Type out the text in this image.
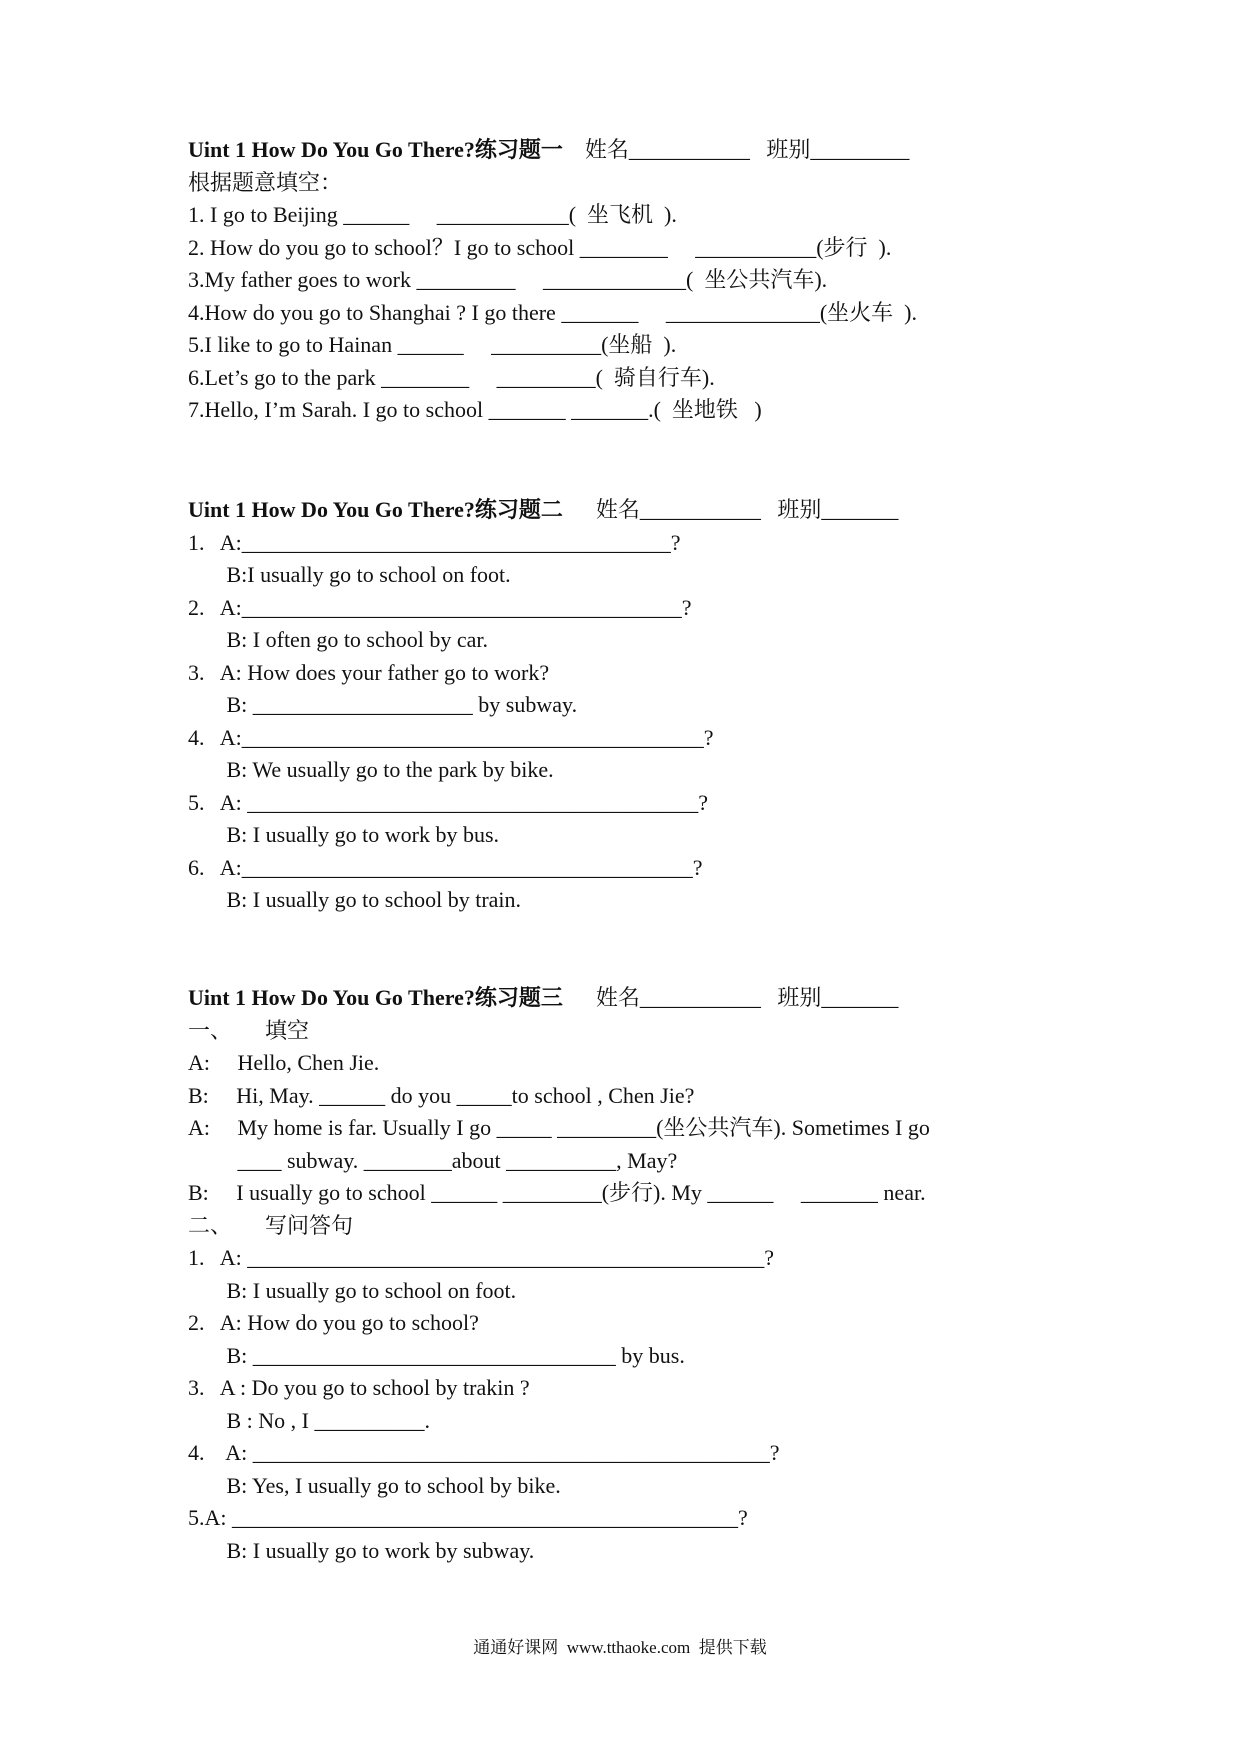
Uint 1 How Do You Go There?练习题一    姓名___________   班别_________
根据题意填空：
1. I go to Beijing ______     ____________(  坐飞机  ).
2. How do you go to school？I go to school ________     ___________(步行  ).
3.My father goes to work _________     _____________(  坐公共汽车).
4.How do you go to Shanghai ? I go there _______     ______________(坐火车  ).
5.I like to go to Hainan ______     __________(坐船  ).
6.Let’s go to the park ________     _________(  骑自行车).
7.Hello, I’m Sarah. I go to school _______ _______.(  坐地铁   )
Uint 1 How Do You Go There?练习题二      姓名___________   班别_______
1.   A:_______________________________________?
B:I usually go to school on foot.
2.   A:________________________________________?
B: I often go to school by car.
3.   A: How does your father go to work?
B: ____________________ by subway.
4.   A:__________________________________________?
B: We usually go to the park by bike.
5.   A: _________________________________________?
B: I usually go to work by bus.
6.   A:_________________________________________?
B: I usually go to school by train.
Uint 1 How Do You Go There?练习题三      姓名___________   班别_______
一、      填空
A:     Hello, Chen Jie.
B:     Hi, May. ______ do you _____to school , Chen Jie?
A:     My home is far. Usually I go _____ _________(坐公共汽车). Sometimes I go
____ subway. ________about __________, May?
B:     I usually go to school ______ _________(步行). My ______     _______ near.
二、      写问答句
1.   A: _______________________________________________?
B: I usually go to school on foot.
2.   A: How do you go to school?
B: _________________________________ by bus.
3.   A : Do you go to school by trakin ?
B : No , I __________.
4.    A: _______________________________________________?
B: Yes, I usually go to school by bike.
5.A: ______________________________________________?
B: I usually go to work by subway.
通通好课网  www.tthaoke.com  提供下载
